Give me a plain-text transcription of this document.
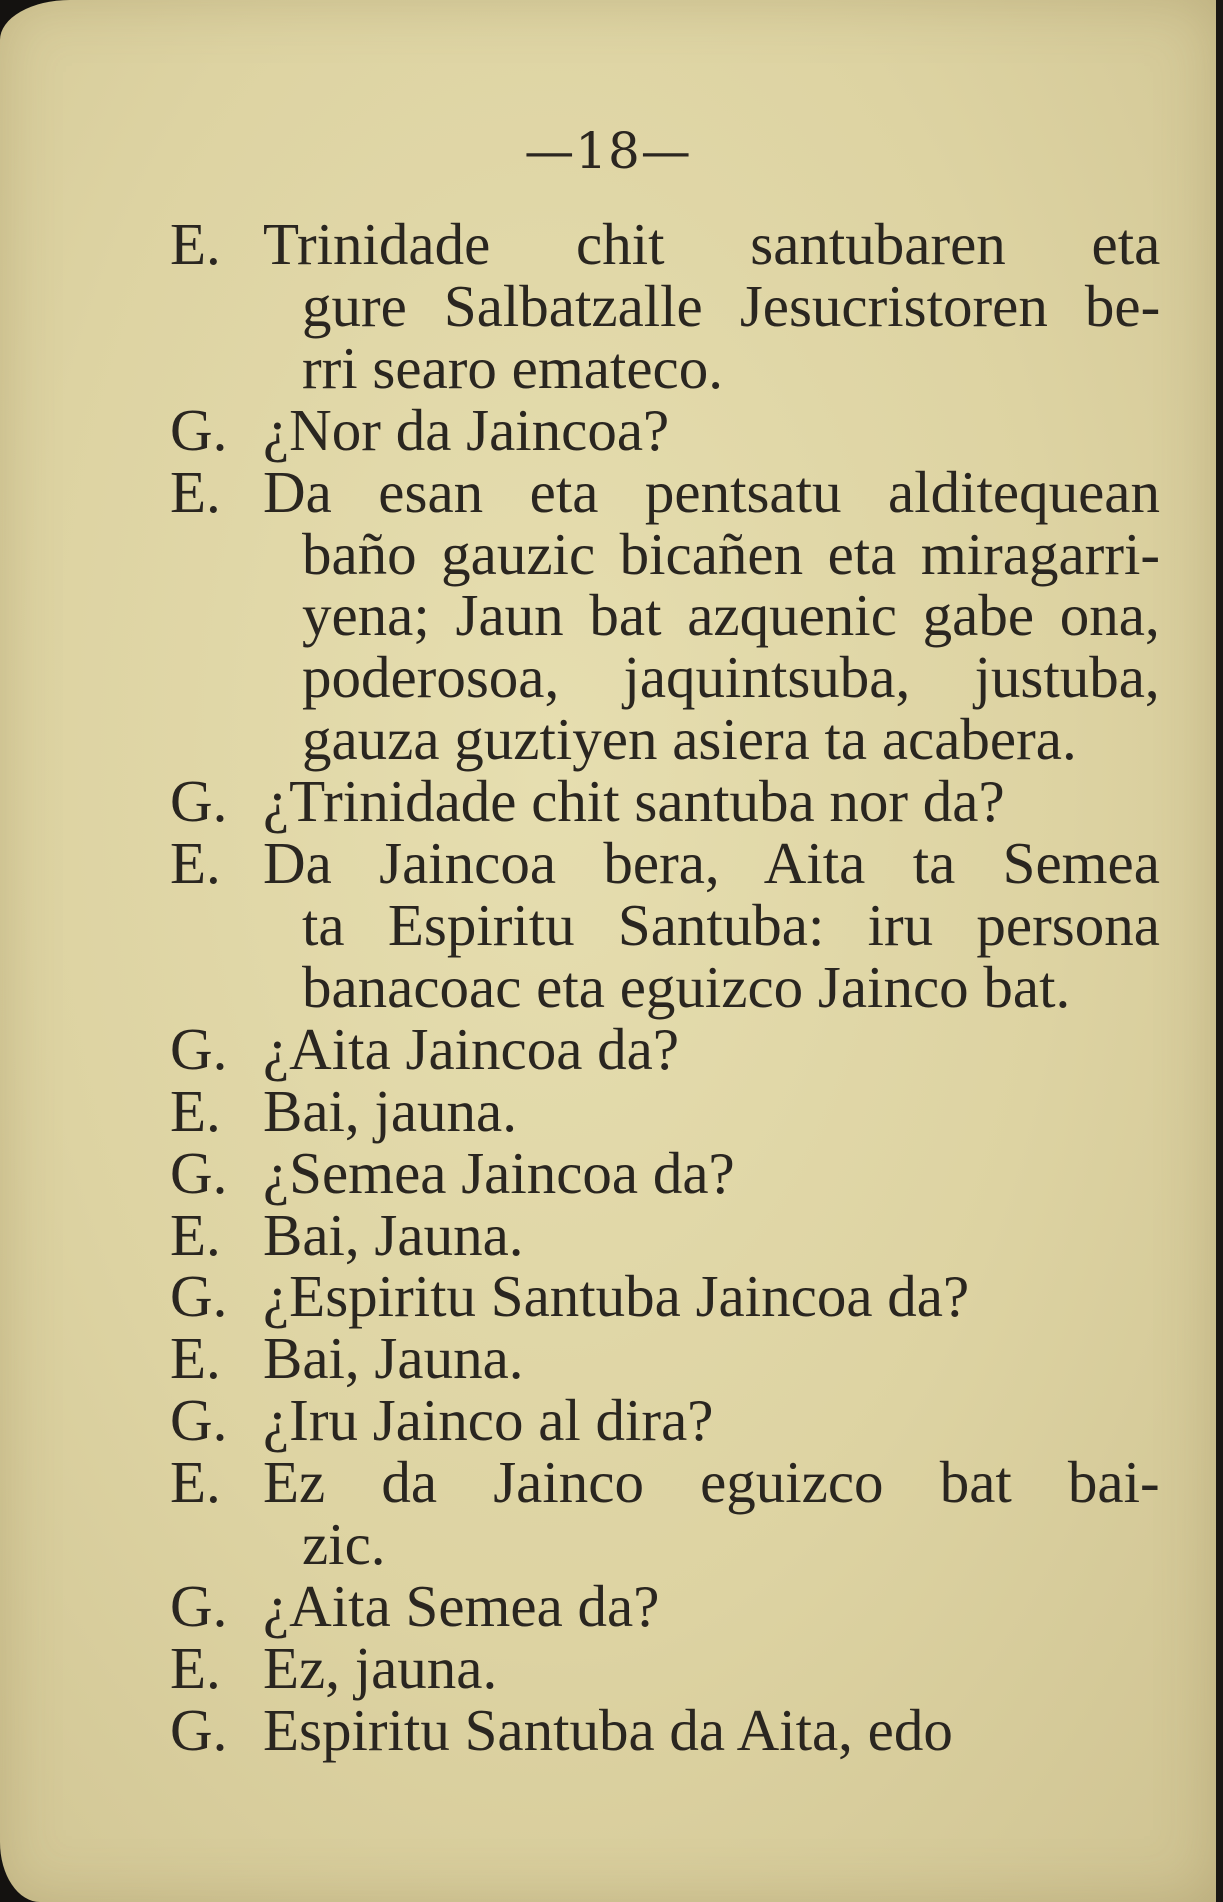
—18—
E. Trinidade chit santubaren eta
gure Salbatzalle Jesucristoren be-
rri searo emateco.
G. ¿Nor da Jaincoa?
E. Da esan eta pentsatu alditequean
baño gauzic bicañen eta miragarri-
yena; Jaun bat azquenic gabe ona,
poderosoa, jaquintsuba, justuba,
gauza guztiyen asiera ta acabera.
G. ¿Trinidade chit santuba nor da?
E. Da Jaincoa bera, Aita ta Semea
ta Espiritu Santuba: iru persona
banacoac eta eguizco Jainco bat.
G. ¿Aita Jaincoa da?
E. Bai, jauna.
G. ¿Semea Jaincoa da?
E. Bai, Jauna.
G. ¿Espiritu Santuba Jaincoa da?
E. Bai, Jauna.
G. ¿Iru Jainco al dira?
E. Ez da Jainco eguizco bat bai-
zic.
G. ¿Aita Semea da?
E. Ez, jauna.
G. Espiritu Santuba da Aita, edo
